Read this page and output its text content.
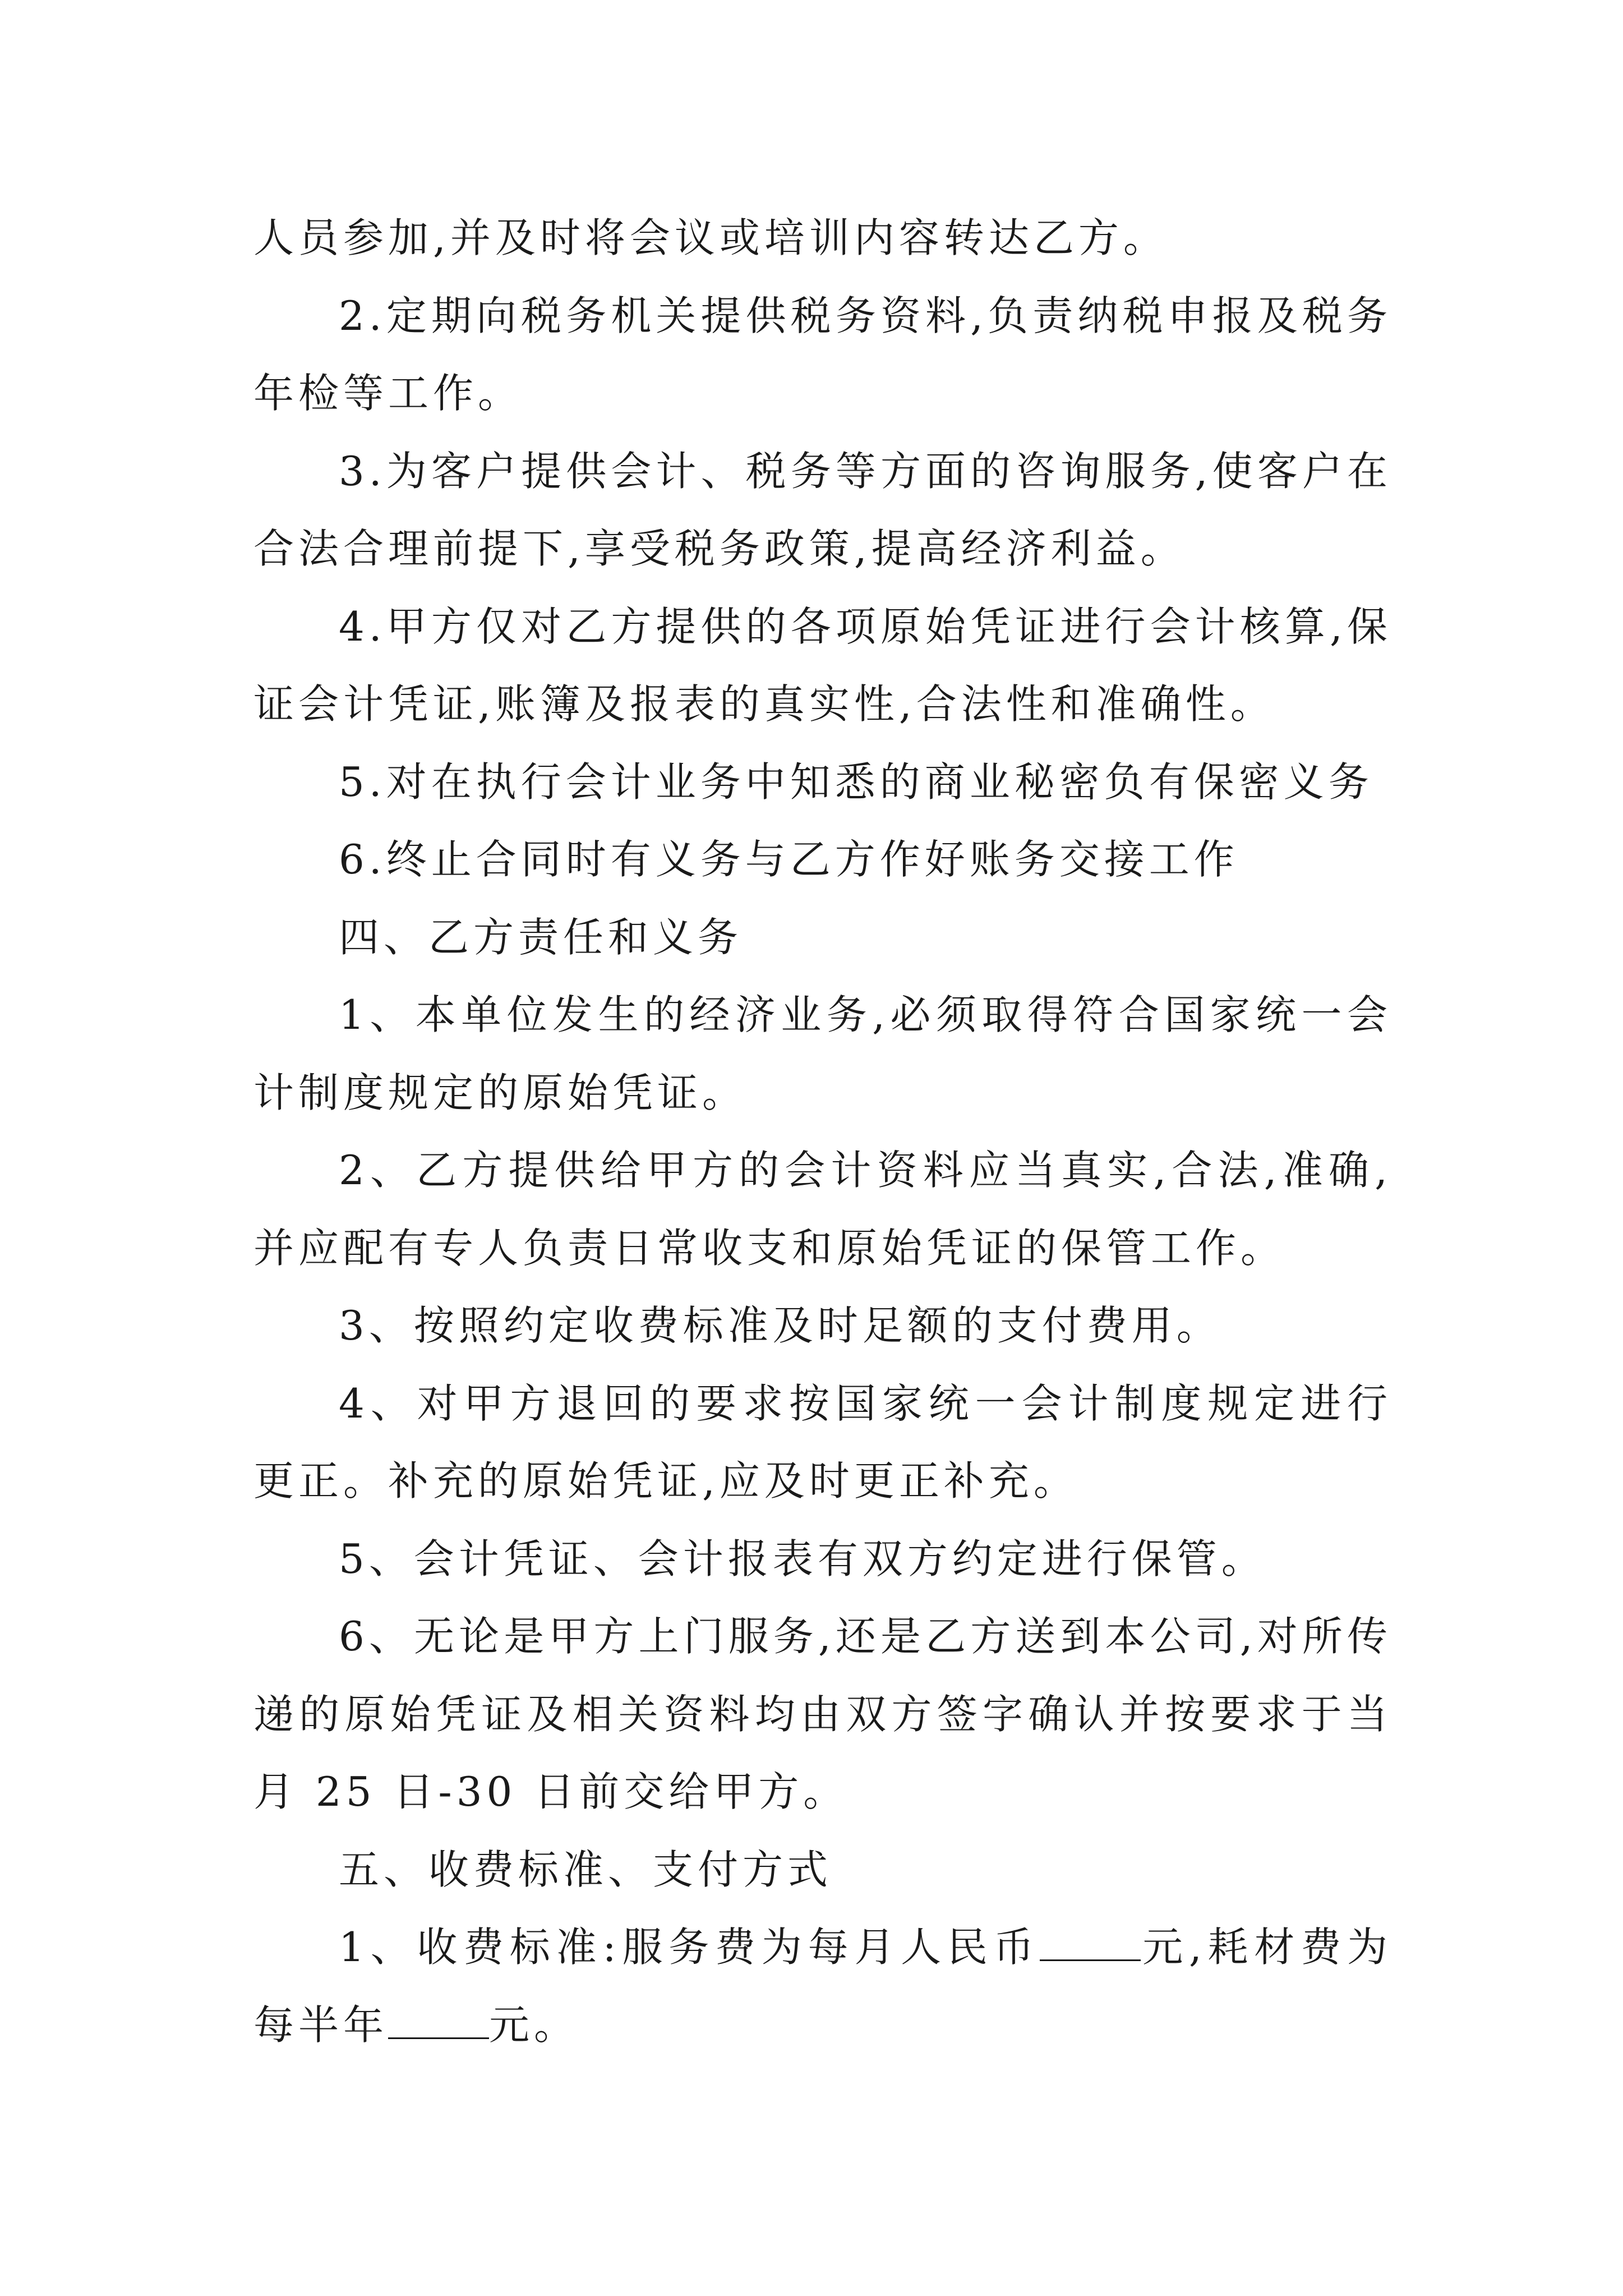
人员参加,并及时将会议或培训内容转达乙方。

2.定期向税务机关提供税务资料,负责纳税申报及税务年检等工作。

3.为客户提供会计、税务等方面的咨询服务,使客户在合法合理前提下,享受税务政策,提高经济利益。

4.甲方仅对乙方提供的各项原始凭证进行会计核算,保证会计凭证,账簿及报表的真实性,合法性和准确性。

5.对在执行会计业务中知悉的商业秘密负有保密义务

6.终止合同时有义务与乙方作好账务交接工作

四、乙方责任和义务

1、本单位发生的经济业务,必须取得符合国家统一会计制度规定的原始凭证。

2、乙方提供给甲方的会计资料应当真实,合法,准确,并应配有专人负责日常收支和原始凭证的保管工作。

3、按照约定收费标准及时足额的支付费用。

4、对甲方退回的要求按国家统一会计制度规定进行更正。补充的原始凭证,应及时更正补充。

5、会计凭证、会计报表有双方约定进行保管。

6、无论是甲方上门服务,还是乙方送到本公司,对所传递的原始凭证及相关资料均由双方签字确认并按要求于当月 25 日-30 日前交给甲方。

五、收费标准、支付方式

1、收费标准:服务费为每月人民币	元,耗材费为每半年	元。
